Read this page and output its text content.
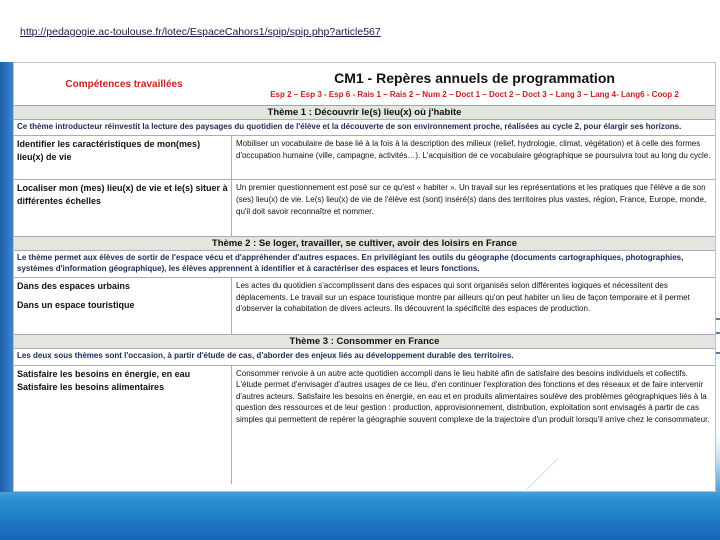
http://pedagogie.ac-toulouse.fr/lotec/EspaceCahors1/spip/spip.php?article567
Compétences travaillées	CM1 - Repères annuels de programmation
Esp 2 – Esp 3 - Esp 6 - Rais 1 – Rais 2 – Num 2 – Doct 1 – Doct 2 – Doct 3 – Lang 3 – Lang 4- Lang6 - Coop 2
Thème 1 : Découvrir le(s) lieu(x) où j'habite
Ce thème introducteur réinvestit la lecture des paysages du quotidien de l'élève et la découverte de son environnement proche, réalisées au cycle 2, pour élargir ses horizons.
Identifier les caractéristiques de mon(mes) lieu(x) de vie
Mobiliser un vocabulaire de base lié à la fois à la description des milieux (relief, hydrologie, climat, végétation) et à celle des formes d'occupation humaine (ville, campagne, activités…). L'acquisition de ce vocabulaire géographique se poursuivra tout au long du cycle.
Localiser mon (mes) lieu(x) de vie et le(s) situer à différentes échelles
Un premier questionnement est posé sur ce qu'est « habiter ». Un travail sur les représentations et les pratiques que l'élève a de son (ses) lieu(x) de vie. Le(s) lieu(x) de vie de l'élève est (sont) inséré(s) dans des territoires plus vastes, région, France, Europe, monde, qu'il doit savoir reconnaître et nommer.
Thème 2 : Se loger, travailler, se cultiver, avoir des loisirs en France
Le thème permet aux élèves de sortir de l'espace vécu et d'appréhender d'autres espaces. En privilégiant les outils du géographe (documents cartographiques, photographies, systèmes d'information géographique), les élèves apprennent à identifier et à caractériser des espaces et leurs fonctions.
Dans des espaces urbains
Dans un espace touristique
Les actes du quotidien s'accomplissent dans des espaces qui sont organisés selon différentes logiques et nécessitent des déplacements. Le travail sur un espace touristique montre par ailleurs qu'on peut habiter un lieu de façon temporaire et il permet d'observer la cohabitation de divers acteurs. Ils découvrent la spécificité des espaces de production.
Thème 3 : Consommer en France
Les deux sous thèmes sont l'occasion, à partir d'étude de cas, d'aborder des enjeux liés au développement durable des territoires.
Satisfaire les besoins en énergie, en eau
Satisfaire les besoins alimentaires
Consommer renvoie à un autre acte quotidien accompli dans le lieu habité afin de satisfaire des besoins individuels et collectifs. L'étude permet d'envisager d'autres usages de ce lieu, d'en continuer l'exploration des fonctions et des réseaux et de faire intervenir d'autres acteurs. Satisfaire les besoins en énergie, en eau et en produits alimentaires soulève des problèmes géographiques liés à la question des ressources et de leur gestion : production, approvisionnement, distribution, exploitation sont envisagés à partir de cas simples qui permettent de repérer la géographie souvent complexe de la trajectoire d'un produit lorsqu'il arrive chez le consommateur.
